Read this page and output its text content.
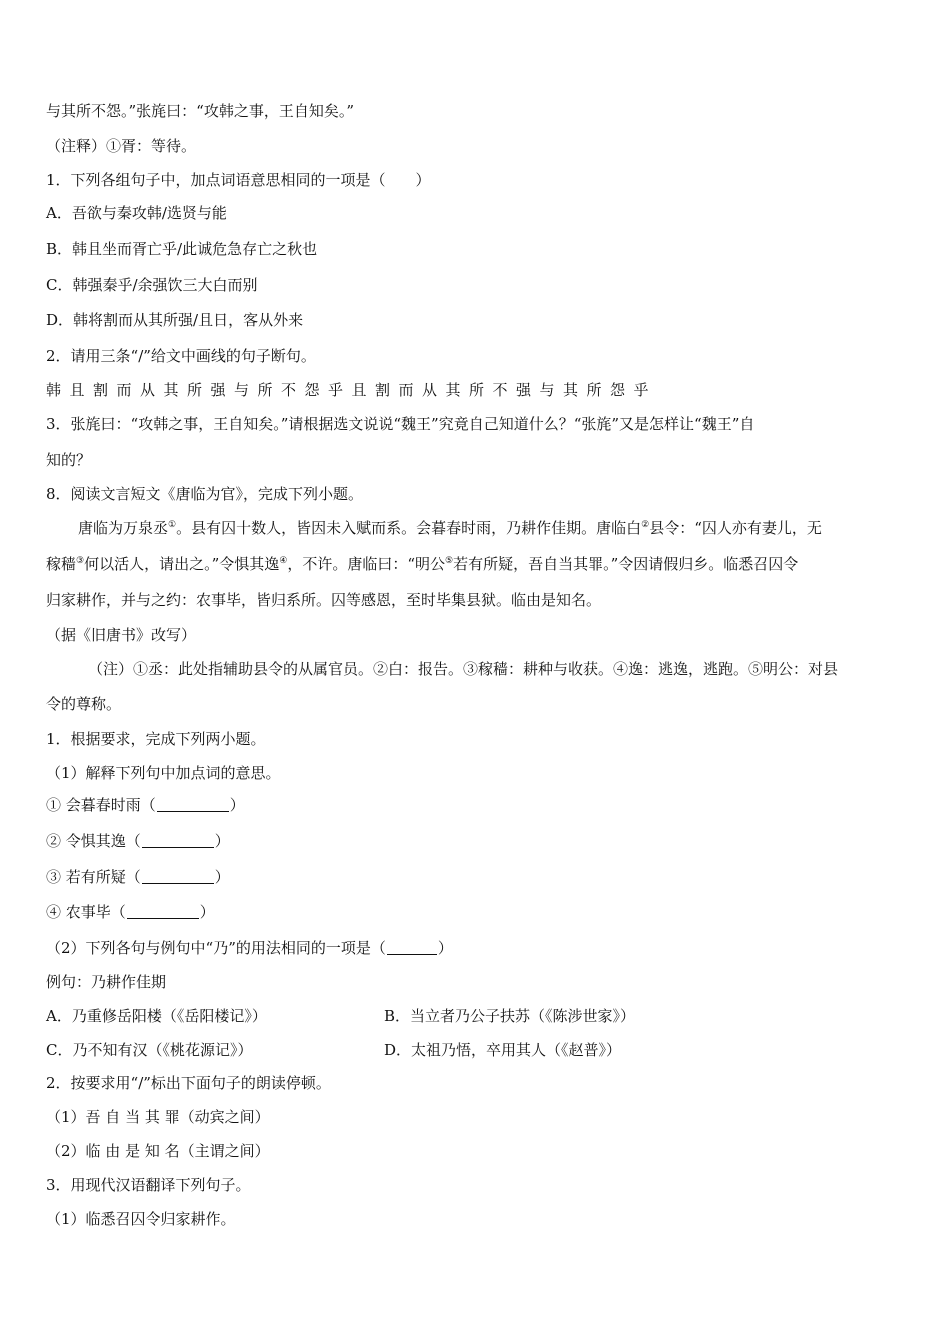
与其所不怨。”张旄曰：“攻韩之事，王自知矣。”
（注释）①胥：等待。
1．下列各组句子中，加点词语意思相同的一项是（　　）
A．吾欲与秦攻韩/选贤与能
B．韩且坐而胥亡乎/此诚危急存亡之秋也
C．韩强秦乎/余强饮三大白而别
D．韩将割而从其所强/且日，客从外来
2．请用三条“/”给文中画线的句子断句。
韩且割而从其所强与所不怨乎且割而从其所不强与其所怨乎
3．张旄曰：“攻韩之事，王自知矣。”请根据选文说说“魏王”究竟自己知道什么？“张旄”又是怎样让“魏王”自
知的？
8．阅读文言短文《唐临为官》，完成下列小题。
唐临为万泉丞①。县有囚十数人，皆因未入赋而系。会暮春时雨，乃耕作佳期。唐临白②县令：“囚人亦有妻儿，无
稼穑③何以活人，请出之。”令惧其逸④，不许。唐临曰：“明公⑤若有所疑，吾自当其罪。”令因请假归乡。临悉召囚令
归家耕作，并与之约：农事毕，皆归系所。囚等感恩，至时毕集县狱。临由是知名。
（据《旧唐书》改写）
（注）①丞：此处指辅助县令的从属官员。②白：报告。③稼穑：耕种与收获。④逸：逃逸，逃跑。⑤明公：对县
令的尊称。
1．根据要求，完成下列两小题。
（1）解释下列句中加点词的意思。
① 会暮春时雨（	）
② 令惧其逸（	）
③ 若有所疑（	）
④ 农事毕（	）
（2）下列各句与例句中“乃”的用法相同的一项是（	）
例句：乃耕作佳期
A．乃重修岳阳楼（《岳阳楼记》）	B．当立者乃公子扶苏（《陈涉世家》）
C．乃不知有汉（《桃花源记》）	D．太祖乃悟，卒用其人（《赵普》）
2．按要求用“/”标出下面句子的朗读停顿。
（1）吾 自 当 其 罪（动宾之间）
（2）临 由 是 知 名（主谓之间）
3．用现代汉语翻译下列句子。
（1）临悉召囚令归家耕作。
